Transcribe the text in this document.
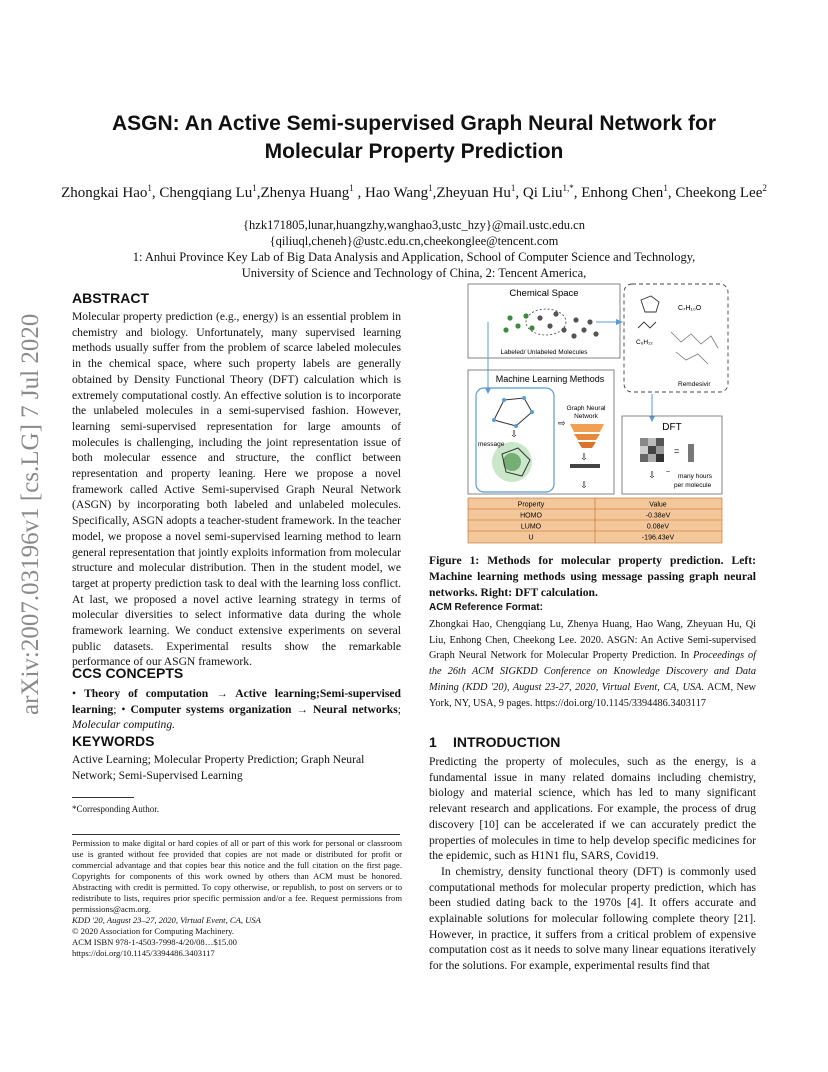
arXiv:2007.03196v1 [cs.LG] 7 Jul 2020
ASGN: An Active Semi-supervised Graph Neural Network for
Molecular Property Prediction
Zhongkai Hao$^1$, Chengqiang Lu$^1$,Zhenya Huang$^1$ , Hao Wang$^1$,Zheyuan Hu$^1$, Qi Liu$^{1,*}$, Enhong Chen$^1$, Cheekong Lee$^2$
{hzk171805,lunar,huangzhy,wanghao3,ustc_hzy}@mail.ustc.edu.cn
{qiliuql,cheneh}@ustc.edu.cn,cheekonglee@tencent.com
1: Anhui Province Key Lab of Big Data Analysis and Application, School of Computer Science and Technology,
University of Science and Technology of China, 2: Tencent America,
ABSTRACT
Molecular property prediction (e.g., energy) is an essential problem in chemistry and biology. Unfortunately, many supervised learning methods usually suffer from the problem of scarce labeled molecules in the chemical space, where such property labels are generally obtained by Density Functional Theory (DFT) calculation which is extremely computational costly. An effective solution is to incorporate the unlabeled molecules in a semi-supervised fashion. However, learning semi-supervised representation for large amounts of molecules is challenging, including the joint representation issue of both molecular essence and structure, the conflict between representation and property leaning. Here we propose a novel framework called Active Semi-supervised Graph Neural Network (ASGN) by incorporating both labeled and unlabeled molecules. Specifically, ASGN adopts a teacher-student framework. In the teacher model, we propose a novel semi-supervised learning method to learn general representation that jointly exploits information from molecular structure and molecular distribution. Then in the student model, we target at property prediction task to deal with the learning loss conflict. At last, we proposed a novel active learning strategy in terms of molecular diversities to select informative data during the whole framework learning. We conduct extensive experiments on several public datasets. Experimental results show the remarkable performance of our ASGN framework.
CCS CONCEPTS
• Theory of computation → Active learning;Semi-supervised learning; • Computer systems organization → Neural networks; Molecular computing.
KEYWORDS
Active Learning; Molecular Property Prediction; Graph Neural Network; Semi-Supervised Learning
*Corresponding Author.
Permission to make digital or hard copies of all or part of this work for personal or classroom use is granted without fee provided that copies are not made or distributed for profit or commercial advantage and that copies bear this notice and the full citation on the first page. Copyrights for components of this work owned by others than ACM must be honored. Abstracting with credit is permitted. To copy otherwise, or republish, to post on servers or to redistribute to lists, requires prior specific permission and/or a fee. Request permissions from permissions@acm.org.
KDD '20, August 23–27, 2020, Virtual Event, CA, USA
© 2020 Association for Computing Machinery.
ACM ISBN 978-1-4503-7998-4/20/08…$15.00
https://doi.org/10.1145/3394486.3403117
Chemical Space
Labeled/ Unlabeled Molecules
C₇H₁₀O
C₆H₁₂
Remdesivir
Machine Learning Methods
⇩
message
Graph Neural
Network
⇨
⇩
⇩
DFT
=
⇩ ~
many hours
per molecule
Property	Value
HOMO	-0.38eV
LUMO	0.08eV
U	-196.43eV
Figure 1: Methods for molecular property prediction. Left: Machine learning methods using message passing graph neural networks. Right: DFT calculation.
ACM Reference Format:
Zhongkai Hao, Chengqiang Lu, Zhenya Huang, Hao Wang, Zheyuan Hu, Qi Liu, Enhong Chen, Cheekong Lee. 2020. ASGN: An Active Semi-supervised Graph Neural Network for Molecular Property Prediction. In Proceedings of the 26th ACM SIGKDD Conference on Knowledge Discovery and Data Mining (KDD '20), August 23-27, 2020, Virtual Event, CA, USA. ACM, New York, NY, USA, 9 pages. https://doi.org/10.1145/3394486.3403117
1 INTRODUCTION

Predicting the property of molecules, such as the energy, is a fundamental issue in many related domains including chemistry, biology and material science, which has led to many significant relevant research and applications. For example, the process of drug discovery [10] can be accelerated if we can accurately predict the properties of molecules in time to help develop specific medicines for the epidemic, such as H1N1 flu, SARS, Covid19.

In chemistry, density functional theory (DFT) is commonly used computational methods for molecular property prediction, which has been studied dating back to the 1970s [4]. It offers accurate and explainable solutions for molecular following complete theory [21]. However, in practice, it suffers from a critical problem of expensive computation cost as it needs to solve many linear equations iteratively for the solutions. For example, experimental results find that
